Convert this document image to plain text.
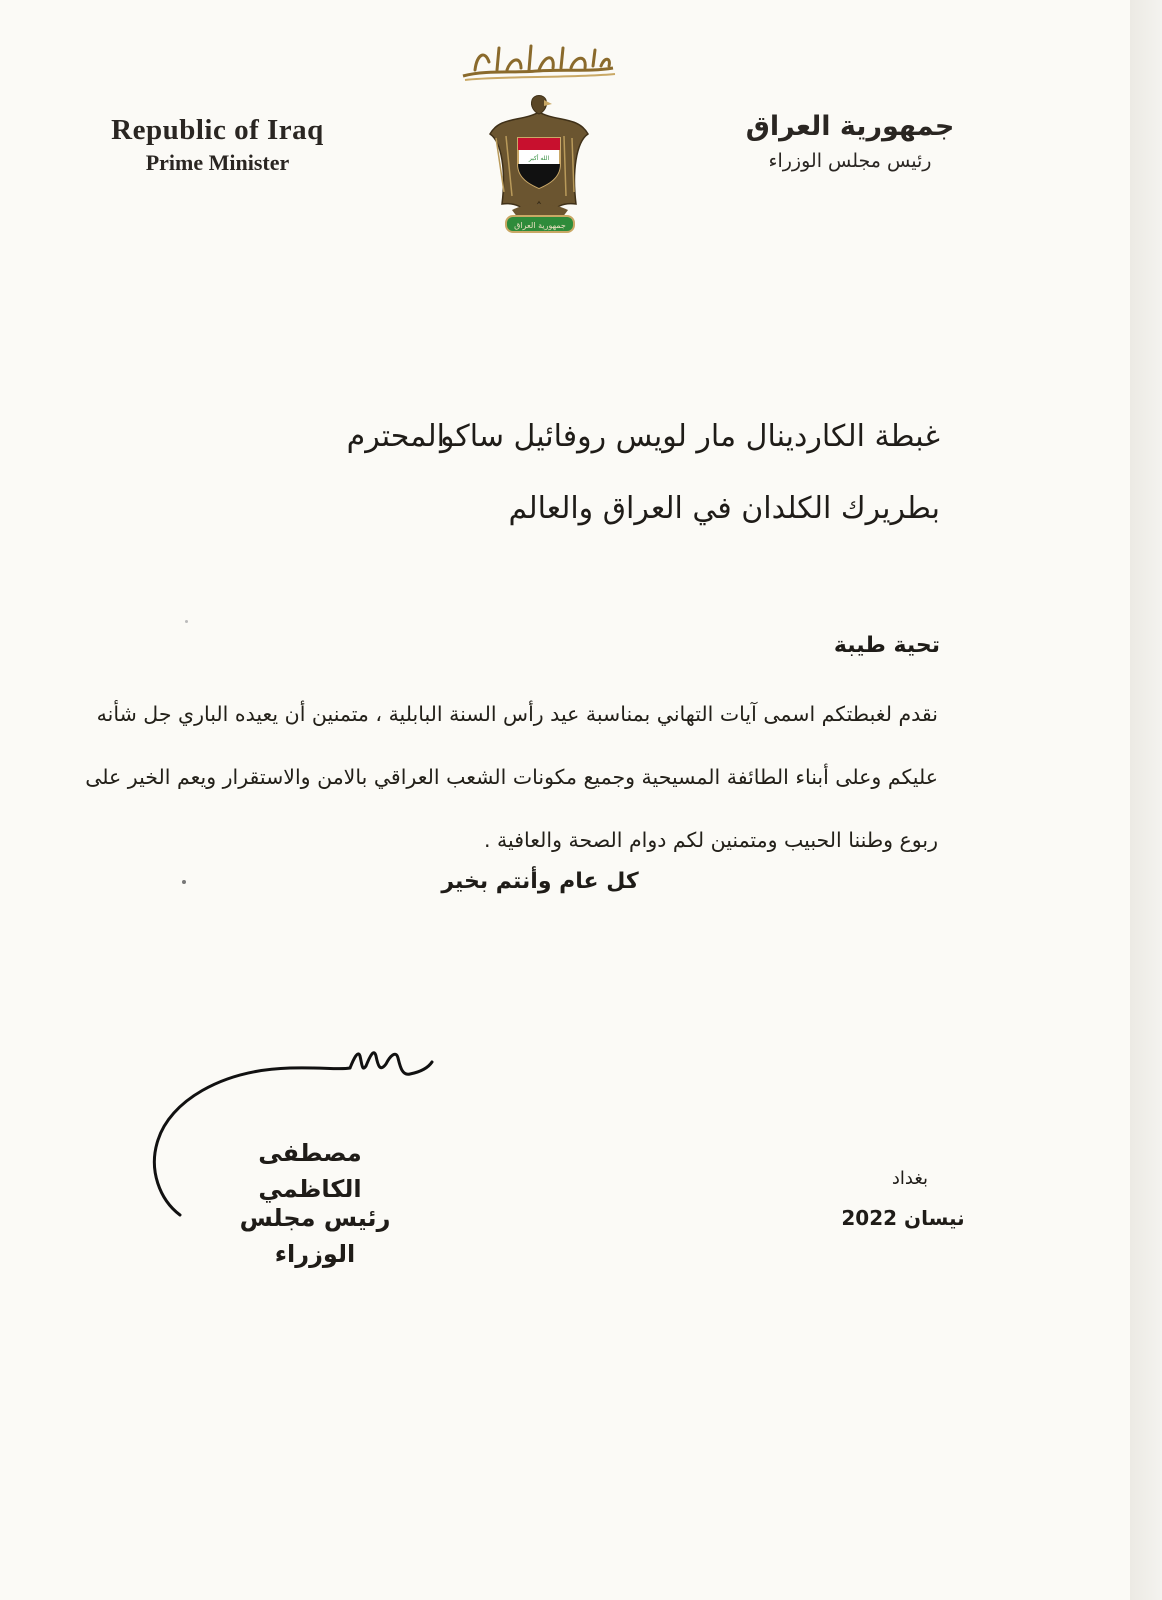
Republic of Iraq
Prime Minister	الله أكبر
جمهورية العراق
جمهورية العراق
رئيس مجلس الوزراء
غبطة الكاردينال مار لويس روفائيل ساكو
المحترم
بطريرك الكلدان في العراق والعالم
تحية طيبة
نقدم لغبطتكم اسمى آيات التهاني بمناسبة عيد رأس السنة البابلية ، متمنين أن يعيده الباري جل شأنه عليكم وعلى أبناء الطائفة المسيحية وجميع مكونات الشعب العراقي بالامن والاستقرار ويعم الخير على ربوع وطننا الحبيب ومتمنين لكم دوام الصحة والعافية .
كل عام وأنتم بخير
مصطفى الكاظمي
رئيس مجلس الوزراء
بغداد
نيسان 2022
